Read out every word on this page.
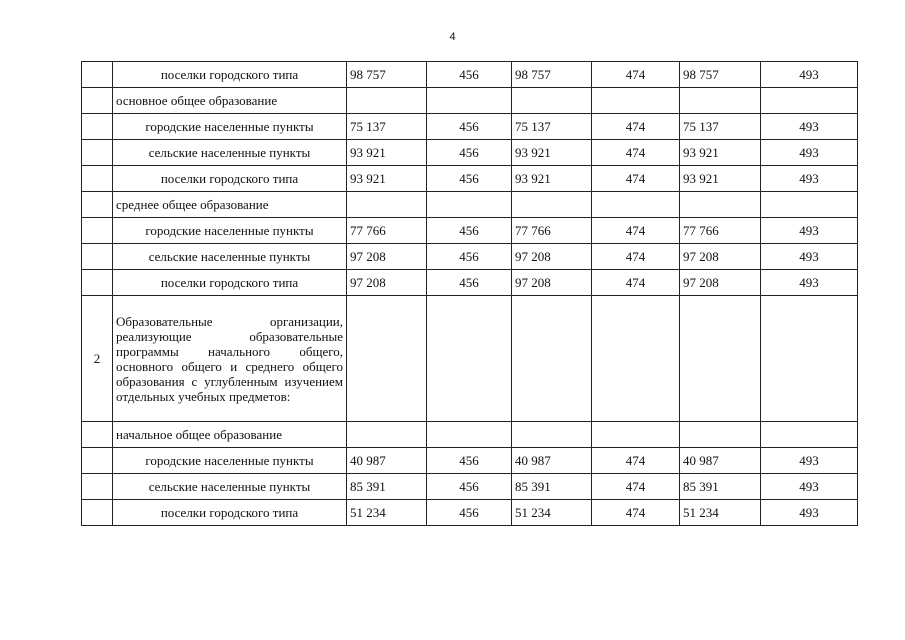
4
	поселки городского типа	98 757	456	98 757	474	98 757	493
	основное общее образование						
	городские населенные пункты	75 137	456	75 137	474	75 137	493
	сельские населенные пункты	93 921	456	93 921	474	93 921	493
	поселки городского типа	93 921	456	93 921	474	93 921	493
	среднее общее образование						
	городские населенные пункты	77 766	456	77 766	474	77 766	493
	сельские населенные пункты	97 208	456	97 208	474	97 208	493
	поселки городского типа	97 208	456	97 208	474	97 208	493
2	Образовательные организации, реализующие образовательные программы начального общего, основного общего и среднего общего образования с углубленным изучением отдельных учебных предметов:						
	начальное общее образование						
	городские населенные пункты	40 987	456	40 987	474	40 987	493
	сельские населенные пункты	85 391	456	85 391	474	85 391	493
	поселки городского типа	51 234	456	51 234	474	51 234	493
